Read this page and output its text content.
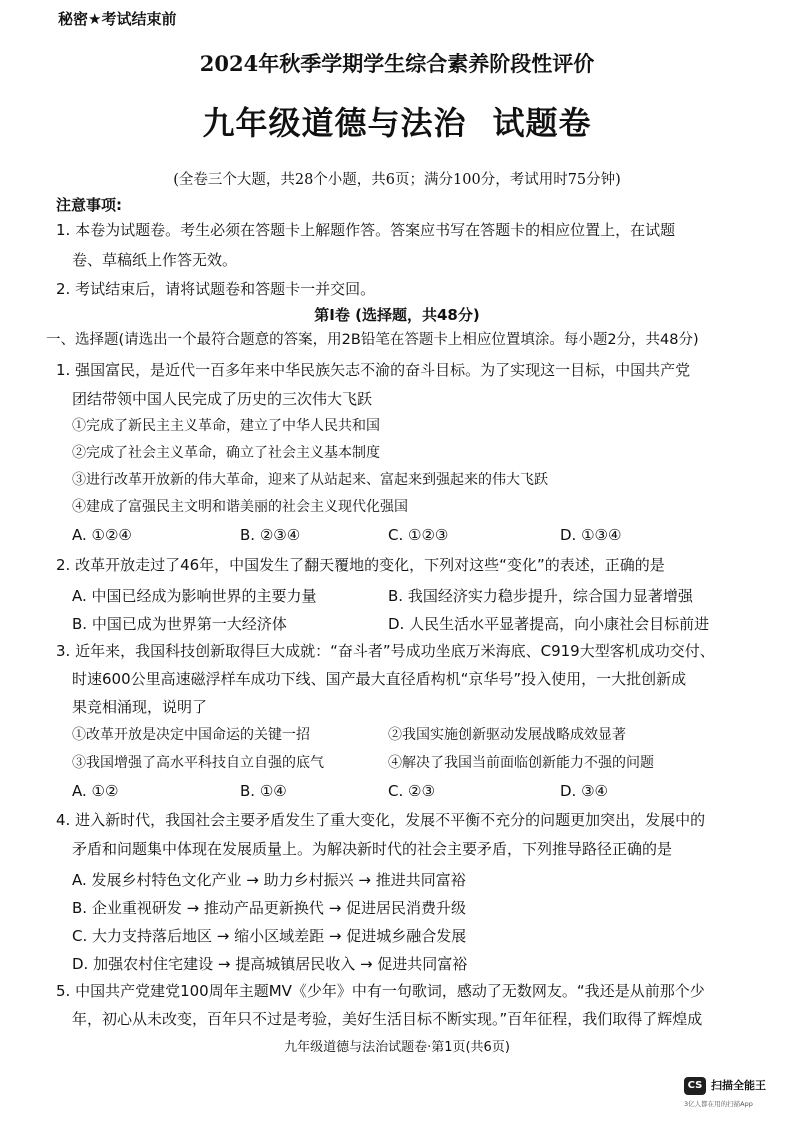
秘密★考试结束前
2024年秋季学期学生综合素养阶段性评价
九年级道德与法治 试题卷
(全卷三个大题，共28个小题，共6页；满分100分，考试用时75分钟)
注意事项:
1. 本卷为试题卷。考生必须在答题卡上解题作答。答案应书写在答题卡的相应位置上，在试题
卷、草稿纸上作答无效。
2. 考试结束后，请将试题卷和答题卡一并交回。
第Ⅰ卷 (选择题，共48分)
一、选择题(请选出一个最符合题意的答案，用2B铅笔在答题卡上相应位置填涂。每小题2分，共48分)
1. 强国富民，是近代一百多年来中华民族矢志不渝的奋斗目标。为了实现这一目标，中国共产党
团结带领中国人民完成了历史的三次伟大飞跃
①完成了新民主主义革命，建立了中华人民共和国
②完成了社会主义革命，确立了社会主义基本制度
③进行改革开放新的伟大革命，迎来了从站起来、富起来到强起来的伟大飞跃
④建成了富强民主文明和谐美丽的社会主义现代化强国
A. ①②④	B. ②③④	C. ①②③	D. ①③④
2. 改革开放走过了46年，中国发生了翻天覆地的变化，下列对这些“变化”的表述，正确的是
A. 中国已经成为影响世界的主要力量	B. 我国经济实力稳步提升，综合国力显著增强
B. 中国已成为世界第一大经济体	D. 人民生活水平显著提高，向小康社会目标前进
3. 近年来，我国科技创新取得巨大成就：“奋斗者”号成功坐底万米海底、C919大型客机成功交付、
时速600公里高速磁浮样车成功下线、国产最大直径盾构机“京华号”投入使用，一大批创新成
果竞相涌现，说明了
①改革开放是决定中国命运的关键一招	②我国实施创新驱动发展战略成效显著
③我国增强了高水平科技自立自强的底气	④解决了我国当前面临创新能力不强的问题
A. ①②	B. ①④	C. ②③	D. ③④
4. 进入新时代，我国社会主要矛盾发生了重大变化，发展不平衡不充分的问题更加突出，发展中的
矛盾和问题集中体现在发展质量上。为解决新时代的社会主要矛盾，下列推导路径正确的是
A. 发展乡村特色文化产业 → 助力乡村振兴 → 推进共同富裕
B. 企业重视研发 → 推动产品更新换代 → 促进居民消费升级
C. 大力支持落后地区 → 缩小区域差距 → 促进城乡融合发展
D. 加强农村住宅建设 → 提高城镇居民收入 → 促进共同富裕
5. 中国共产党建党100周年主题MV《少年》中有一句歌词，感动了无数网友。“我还是从前那个少
年，初心从未改变，百年只不过是考验，美好生活目标不断实现。”百年征程，我们取得了辉煌成
九年级道德与法治试题卷·第1页(共6页)
CS 扫描全能王
3亿人都在用的扫描App
